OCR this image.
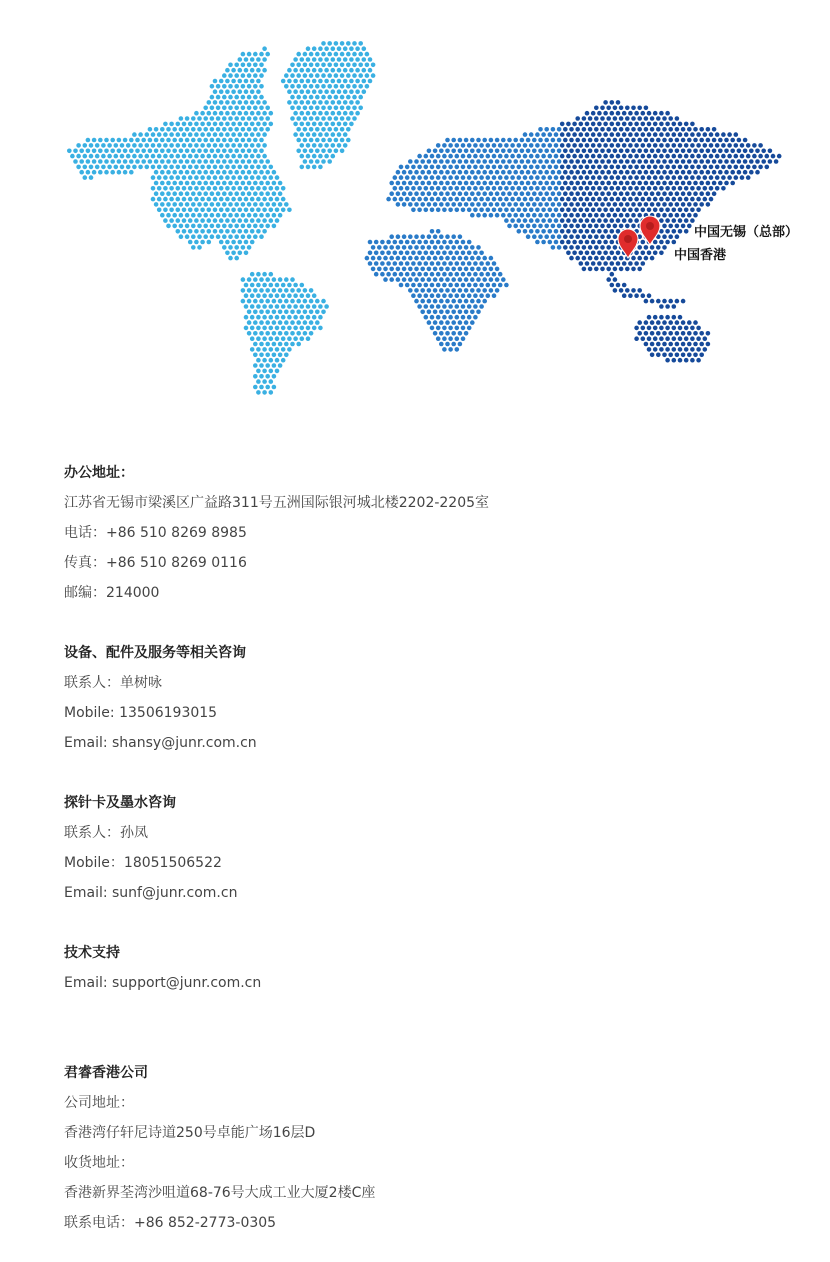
中国无锡（总部）
中国香港
办公地址：
江苏省无锡市梁溪区广益路311号五洲国际银河城北楼2202-2205室
电话：+86 510 8269 8985
传真：+86 510 8269 0116
邮编：214000
设备、配件及服务等相关咨询
联系人：单树咏
Mobile: 13506193015
Email: shansy@junr.com.cn
探针卡及墨水咨询
联系人：孙凤
Mobile：18051506522
Email: sunf@junr.com.cn
技术支持
Email: support@junr.com.cn
君睿香港公司
公司地址：
香港湾仔轩尼诗道250号卓能广场16层D
收货地址：
香港新界荃湾沙咀道68-76号大成工业大厦2楼C座
联系电话：+86 852-2773-0305
